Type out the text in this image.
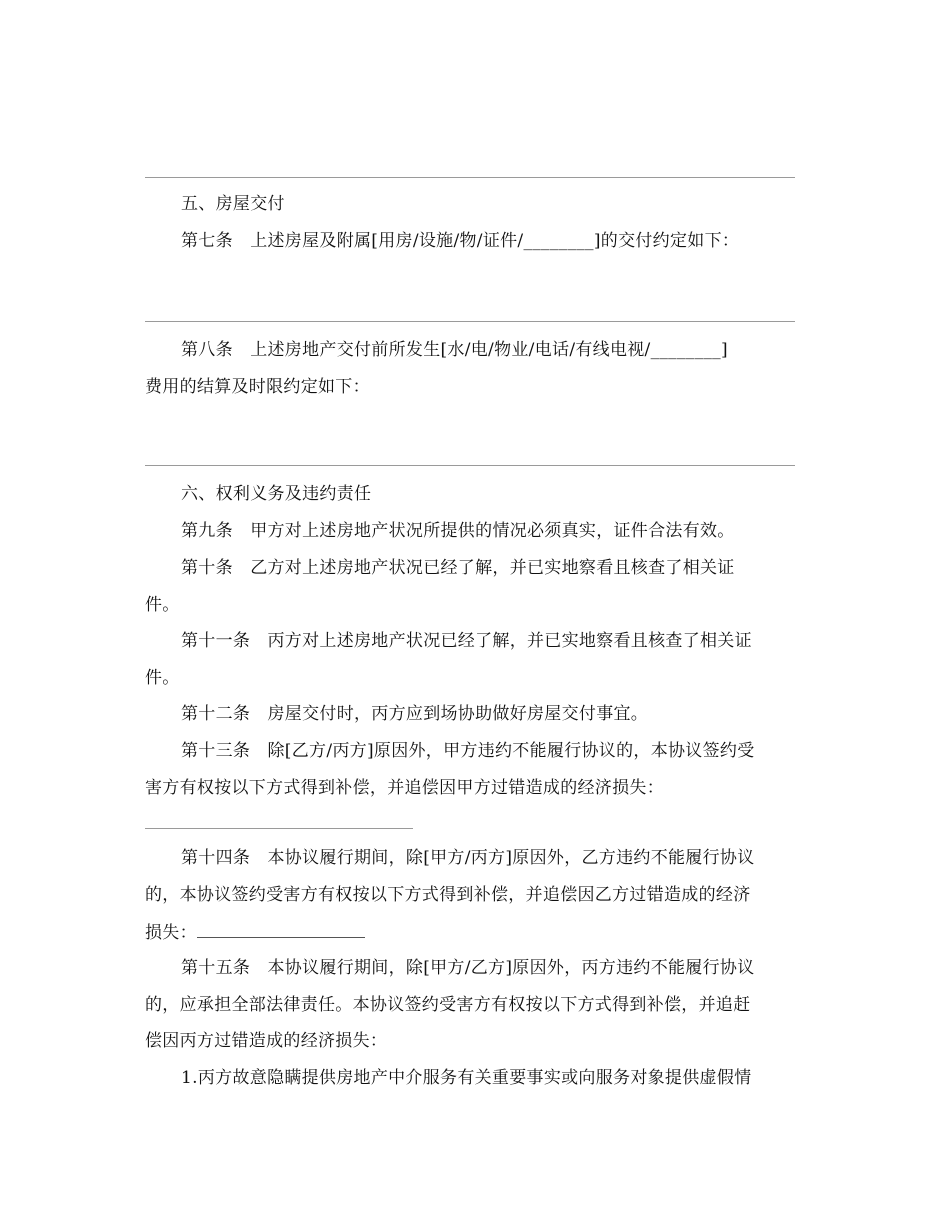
五、房屋交付
第七条　上述房屋及附属[用房/设施/物/证件/________]的交付约定如下：
第八条　上述房地产交付前所发生[水/电/物业/电话/有线电视/________]
费用的结算及时限约定如下：
六、权利义务及违约责任
第九条　甲方对上述房地产状况所提供的情况必须真实，证件合法有效。
第十条　乙方对上述房地产状况已经了解，并已实地察看且核查了相关证
件。
第十一条　丙方对上述房地产状况已经了解，并已实地察看且核查了相关证
件。
第十二条　房屋交付时，丙方应到场协助做好房屋交付事宜。
第十三条　除[乙方/丙方]原因外，甲方违约不能履行协议的，本协议签约受
害方有权按以下方式得到补偿，并追偿因甲方过错造成的经济损失：
第十四条　本协议履行期间，除[甲方/丙方]原因外，乙方违约不能履行协议
的，本协议签约受害方有权按以下方式得到补偿，并追偿因乙方过错造成的经济
损失：
第十五条　本协议履行期间，除[甲方/乙方]原因外，丙方违约不能履行协议
的，应承担全部法律责任。本协议签约受害方有权按以下方式得到补偿，并追赶
偿因丙方过错造成的经济损失：
1.丙方故意隐瞒提供房地产中介服务有关重要事实或向服务对象提供虚假情
